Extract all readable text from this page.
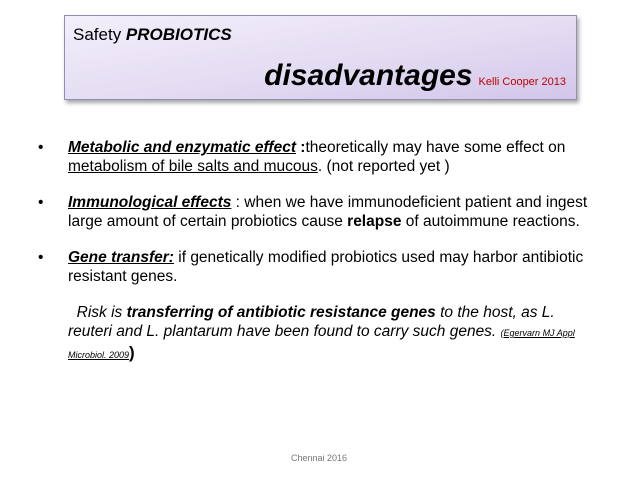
Safety PROBIOTICS
disadvantages Kelli Cooper 2013
• Metabolic and enzymatic effect :theoretically may have some effect on metabolism of bile salts and mucous. (not reported yet )
• Immunological effects : when we have immunodeficient patient and ingest large amount of certain probiotics cause relapse of autoimmune reactions.
• Gene transfer: if genetically modified probiotics used may harbor antibiotic resistant genes.
Risk is transferring of antibiotic resistance genes to the host, as L. reuteri and L. plantarum have been found to carry such genes. (Egervarn MJ Appl Microbiol. 2009)
Chennai 2016
